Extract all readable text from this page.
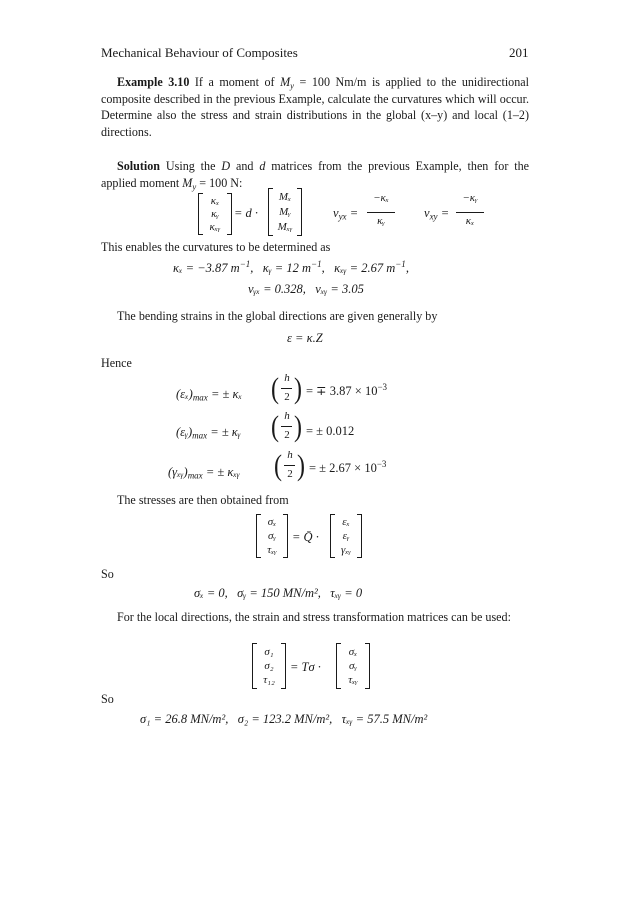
Mechanical Behaviour of Composites	201
Example 3.10 If a moment of $M_y = 100$ Nm/m is applied to the unidirectional composite described in the previous Example, calculate the curvatures which will occur. Determine also the stress and strain distributions in the global (x–y) and local (1–2) directions.
Solution Using the D and d matrices from the previous Example, then for the applied moment $M_y = 100$ N:
κₓ
κᵧ
κₓᵧ
= d ·
Mₓ
Mᵧ
Mₓᵧ
$\nu_{yx}$ =
−κₓ
κᵧ
$\nu_{xy}$ =
−κᵧ
κₓ
This enables the curvatures to be determined as
κₓ = −3.87 $m^{-1}$,   κᵧ = 12 $m^{-1}$,   κₓᵧ = 2.67 $m^{-1}$,
νᵧₓ = 0.328, νₓᵧ = 3.05
The bending strains in the global directions are given generally by
ε = κ.Z
Hence
$(\varepsilon_x)_{max}$ = ± κₓ ( h
2 ) = ∓ $3.87 \times 10^{-3}$
$(\varepsilon ᵧ)_{max}$ = ± κᵧ ( h
2 ) = ± 0.012
$(\gamma_xᵧ)_{max}$ = ± κₓᵧ ( h
2 ) = ± $2.67 \times 10^{-3}$
The stresses are then obtained from
σₓ
σᵧ
τₓᵧ
= Q̄ ·
εₓ
εᵧ
γₓᵧ
So
σₓ = 0,   σᵧ = 150 MN/m²,   τₓᵧ = 0
For the local directions, the strain and stress transformation matrices can be used:
σ₁
σ₂
τ₁₂
= Tσ ·
σₓ
σᵧ
τₓᵧ
So
σ₁ = 26.8 MN/m²,   σ₂ = 123.2 MN/m²,   τₓᵧ = 57.5 MN/m²
